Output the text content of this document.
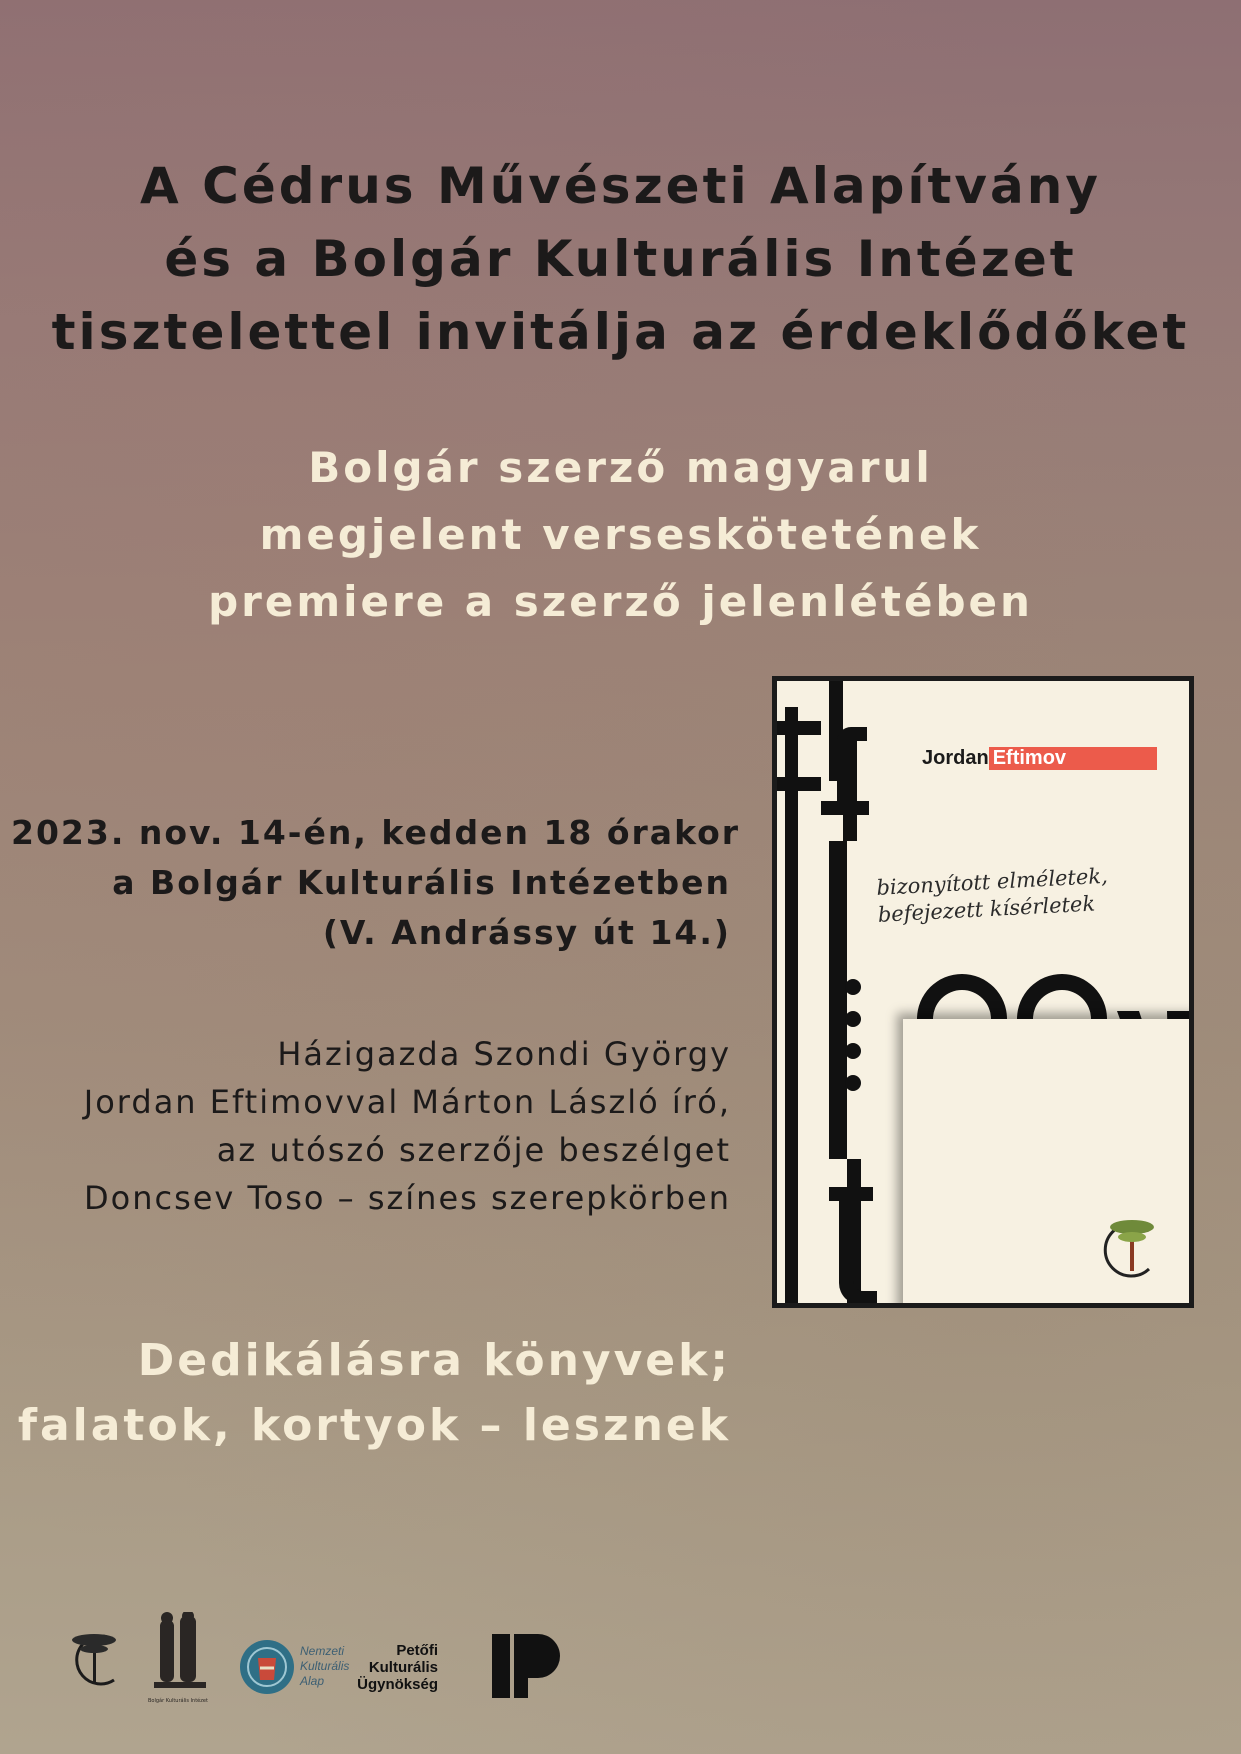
A Cédrus Művészeti Alapítvány
és a Bolgár Kulturális Intézet
tisztelettel invitálja az érdeklődőket
Bolgár szerző magyarul
megjelent verseskötetének
premiere a szerző jelenlétében
2023. nov. 14-én, kedden 18 órakor
a Bolgár Kulturális Intézetben
(V. Andrássy út 14.)
Házigazda Szondi György
Jordan Eftimovval Márton László író,
az utószó szerzője beszélget
Doncsev Toso – színes szerepkörben
Dedikálásra könyvek;
falatok, kortyok – lesznek
Jordan Eftimov
bizonyított elméletek,
befejezett kísérletek
Bolgár Kulturális Intézet
Nemzeti
Kulturális
Alap
Petőfi
Kulturális
Ügynökség
